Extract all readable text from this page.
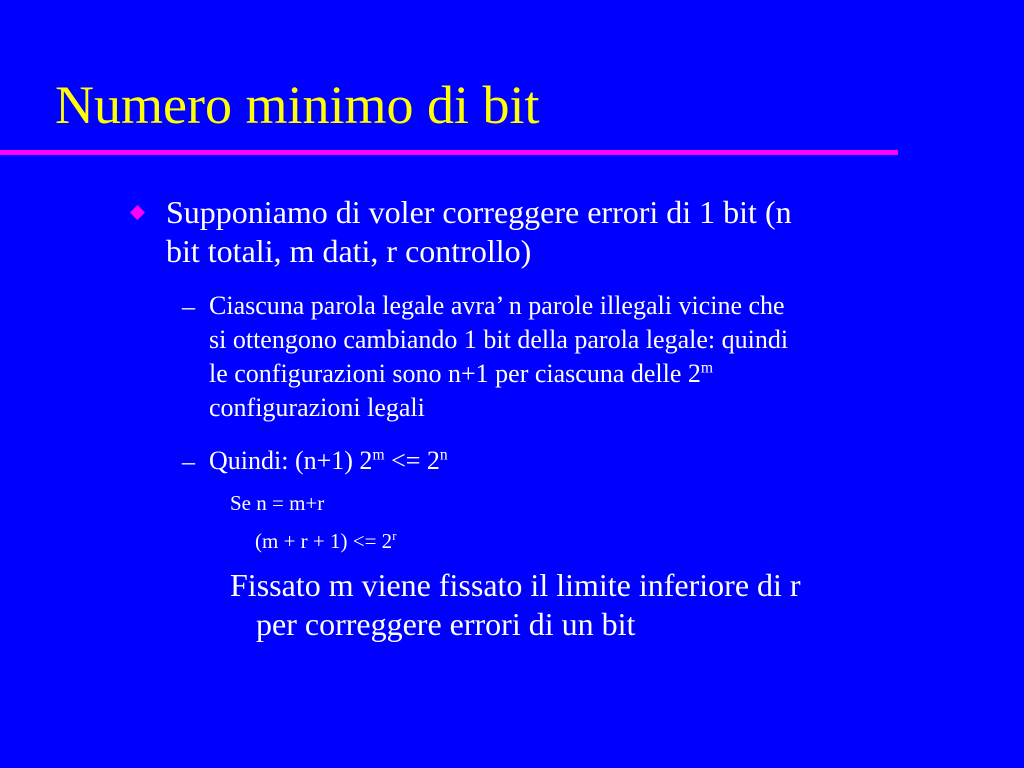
Numero minimo di bit
Supponiamo di voler correggere errori di 1 bit (n
bit totali, m dati, r controllo)
– Ciascuna parola legale avra’ n parole illegali vicine che
si ottengono cambiando 1 bit della parola legale: quindi
le configurazioni sono n+1 per ciascuna delle 2$^m$
configurazioni legali
– Quindi: (n+1) $2^m <= 2^n$
Se n = m+r
$(m + r + 1) <= 2^r$
Fissato m viene fissato il limite inferiore di r
per correggere errori di un bit
